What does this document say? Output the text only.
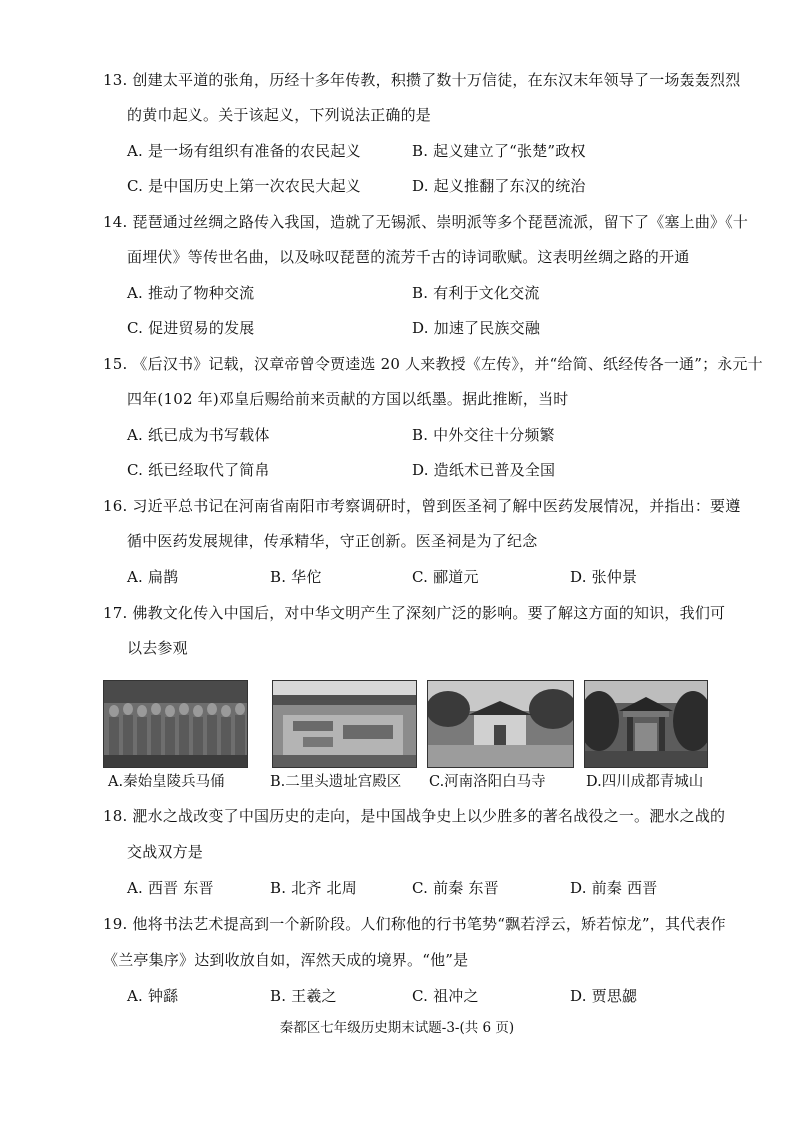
13. 创建太平道的张角，历经十多年传教，积攒了数十万信徒，在东汉末年领导了一场轰轰烈烈
的黄巾起义。关于该起义，下列说法正确的是
A. 是一场有组织有准备的农民起义	B. 起义建立了“张楚”政权
C. 是中国历史上第一次农民大起义	D. 起义推翻了东汉的统治
14. 琵琶通过丝绸之路传入我国，造就了无锡派、崇明派等多个琵琶流派，留下了《塞上曲》《十
面埋伏》等传世名曲，以及咏叹琵琶的流芳千古的诗词歌赋。这表明丝绸之路的开通
A. 推动了物种交流	B. 有利于文化交流
C. 促进贸易的发展	D. 加速了民族交融
15. 《后汉书》记载，汉章帝曾令贾逵选 20 人来教授《左传》，并“给简、纸经传各一通”；永元十
四年(102 年)邓皇后赐给前来贡献的方国以纸墨。据此推断，当时
A. 纸已成为书写载体	B. 中外交往十分频繁
C. 纸已经取代了简帛	D. 造纸术已普及全国
16. 习近平总书记在河南省南阳市考察调研时，曾到医圣祠了解中医药发展情况，并指出：要遵
循中医药发展规律，传承精华，守正创新。医圣祠是为了纪念
A. 扁鹊	B. 华佗	C. 郦道元	D. 张仲景
17. 佛教文化传入中国后，对中华文明产生了深刻广泛的影响。要了解这方面的知识，我们可
以去参观
A.秦始皇陵兵马俑	B.二里头遗址宫殿区 C.河南洛阳白马寺	D.四川成都青城山
18. 淝水之战改变了中国历史的走向，是中国战争史上以少胜多的著名战役之一。淝水之战的
交战双方是
A. 西晋 东晋	B. 北齐 北周	C. 前秦 东晋	D. 前秦 西晋
19. 他将书法艺术提高到一个新阶段。人们称他的行书笔势“飘若浮云，矫若惊龙”，其代表作
《兰亭集序》达到收放自如，浑然天成的境界。“他”是
A. 钟繇	B. 王羲之	C. 祖冲之	D. 贾思勰
秦都区七年级历史期末试题-3-(共 6 页)
